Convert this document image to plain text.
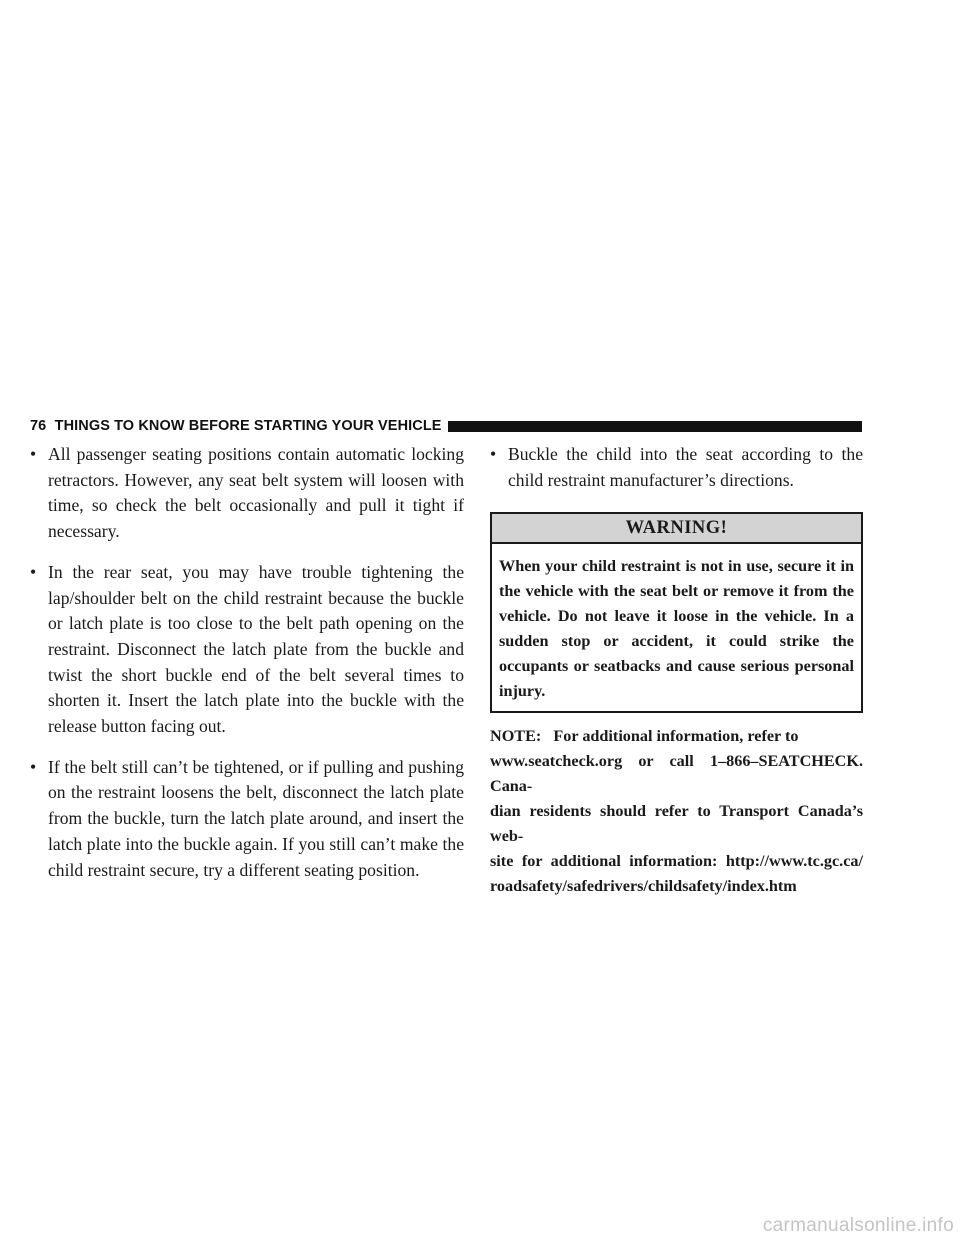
76
THINGS TO KNOW BEFORE STARTING YOUR VEHICLE

• All passenger seating positions contain automatic locking retractors. However, any seat belt system will loosen with time, so check the belt occasionally and pull it tight if necessary.

• In the rear seat, you may have trouble tightening the lap/shoulder belt on the child restraint because the buckle or latch plate is too close to the belt path opening on the restraint. Disconnect the latch plate from the buckle and twist the short buckle end of the belt several times to shorten it. Insert the latch plate into the buckle with the release button facing out.

• If the belt still can’t be tightened, or if pulling and pushing on the restraint loosens the belt, disconnect the latch plate from the buckle, turn the latch plate around, and insert the latch plate into the buckle again. If you still can’t make the child restraint secure, try a different seating position.

• Buckle the child into the seat according to the child restraint manufacturer’s directions.

WARNING!
When your child restraint is not in use, secure it in the vehicle with the seat belt or remove it from the vehicle. Do not leave it loose in the vehicle. In a sudden stop or accident, it could strike the occupants or seatbacks and cause serious personal injury.
NOTE:   For additional information, refer to
www.seatcheck.org or call 1–866–SEATCHECK. Cana-
dian residents should refer to Transport Canada’s web-
site for additional information: http://www.tc.gc.ca/
roadsafety/safedrivers/childsafety/index.htm
carmanualsonline.info
